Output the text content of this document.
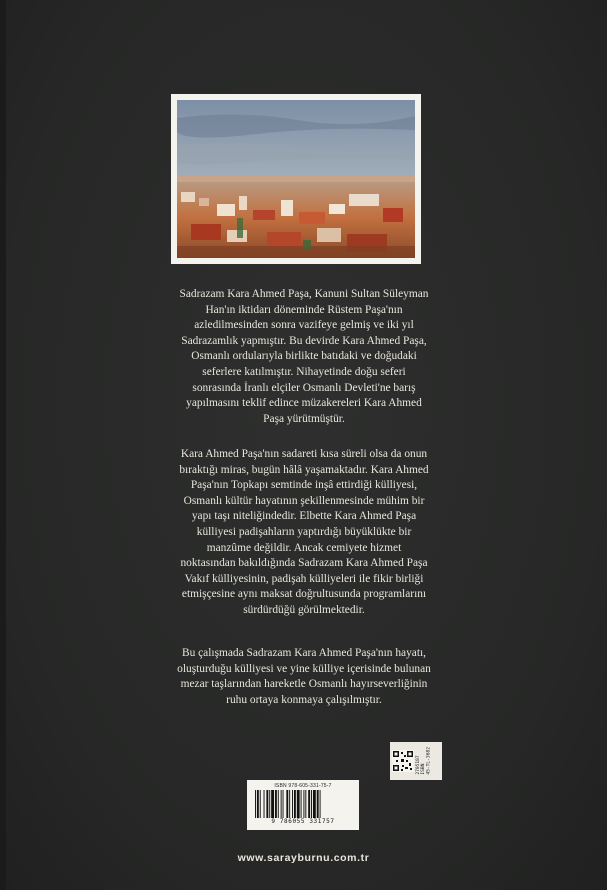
Sadrazam Kara Ahmed Paşa, Kanuni Sultan Süleyman
Han'ın iktidarı döneminde Rüstem Paşa'nın
azledilmesinden sonra vazifeye gelmiş ve iki yıl
Sadrazamlık yapmıştır. Bu devirde Kara Ahmed Paşa,
Osmanlı ordularıyla birlikte batıdaki ve doğudaki
seferlere katılmıştır. Nihayetinde doğu seferi
sonrasında İranlı elçiler Osmanlı Devleti'ne barış
yapılmasını teklif edince müzakereleri Kara Ahmed
Paşa yürütmüştür.
Kara Ahmed Paşa'nın sadareti kısa süreli olsa da onun
bıraktığı miras, bugün hâlâ yaşamaktadır. Kara Ahmed
Paşa'nın Topkapı semtinde inşâ ettirdiği külliyesi,
Osmanlı kültür hayatının şekillenmesinde mühim bir
yapı taşı niteliğindedir. Elbette Kara Ahmed Paşa
külliyesi padişahların yaptırdığı büyüklükte bir
manzûme değildir. Ancak cemiyete hizmet
noktasından bakıldığında Sadrazam Kara Ahmed Paşa
Vakıf külliyesinin, padişah külliyeleri ile fikir birliği
etmişçesine aynı maksat doğrultusunda programlarını
sürdürdüğü görülmektedir.
Bu çalışmada Sadrazam Kara Ahmed Paşa'nın hayatı,
oluşturduğu külliyesi ve yine külliye içerisinde bulunan
mezar taşlarından hareketle Osmanlı hayırseverliğinin
ruhu ortaya konmaya çalışılmıştır.
2705187 ISBN 45-TL-3682
ISBN 978-605-331-75-7
9 786055 331757
www.sarayburnu.com.tr
